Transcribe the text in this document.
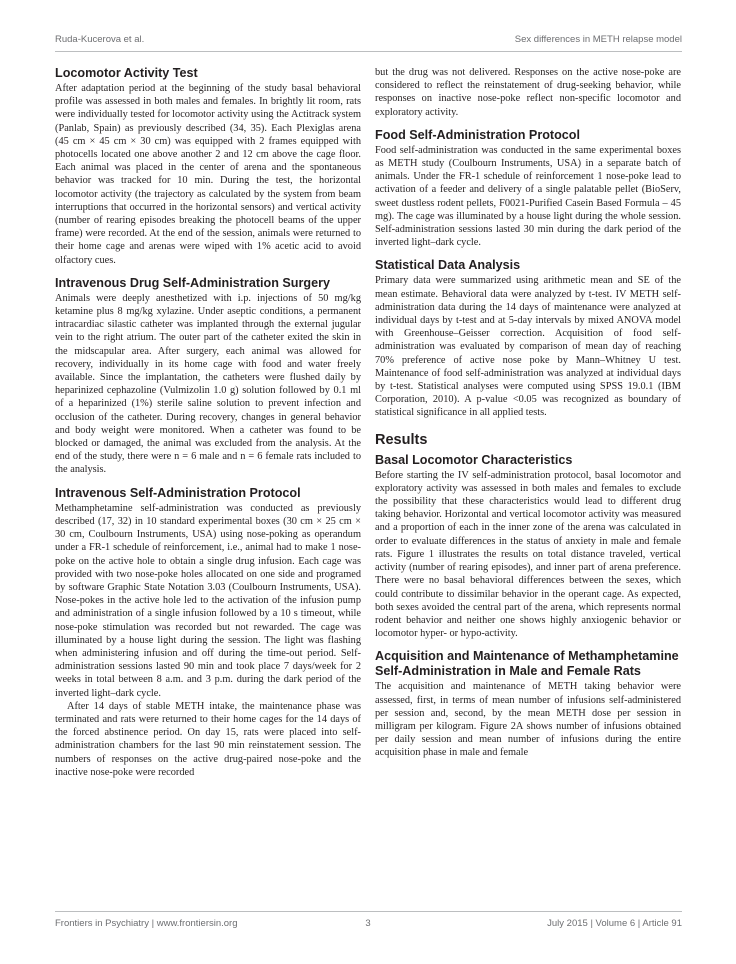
Ruda-Kucerova et al.	Sex differences in METH relapse model
Locomotor Activity Test

After adaptation period at the beginning of the study basal behavioral profile was assessed in both males and females. In brightly lit room, rats were individually tested for locomotor activity using the Actitrack system (Panlab, Spain) as previously described (34, 35). Each Plexiglas arena (45 cm × 45 cm × 30 cm) was equipped with 2 frames equipped with photocells located one above another 2 and 12 cm above the cage floor. Each animal was placed in the center of arena and the spontaneous behavior was tracked for 10 min. During the test, the horizontal locomotor activity (the trajectory as calculated by the system from beam interruptions that occurred in the horizontal sensors) and vertical activity (number of rearing episodes breaking the photocell beams of the upper frame) were recorded. At the end of the session, animals were returned to their home cage and arenas were wiped with 1% acetic acid to avoid olfactory cues.

Intravenous Drug Self-Administration Surgery

Animals were deeply anesthetized with i.p. injections of 50 mg/kg ketamine plus 8 mg/kg xylazine. Under aseptic conditions, a permanent intracardiac silastic catheter was implanted through the external jugular vein to the right atrium. The outer part of the catheter exited the skin in the midscapular area. After surgery, each animal was allowed for recovery, individually in its home cage with food and water freely available. Since the implantation, the catheters were flushed daily by heparinized cephazoline (Vulmizolin 1.0 g) solution followed by 0.1 ml of a heparinized (1%) sterile saline solution to prevent infection and occlusion of the catheter. During recovery, changes in general behavior and body weight were monitored. When a catheter was found to be blocked or damaged, the animal was excluded from the analysis. At the end of the study, there were n = 6 male and n = 6 female rats included to the analysis.

Intravenous Self-Administration Protocol

Methamphetamine self-administration was conducted as previously described (17, 32) in 10 standard experimental boxes (30 cm × 25 cm × 30 cm, Coulbourn Instruments, USA) using nose-poking as operandum under a FR-1 schedule of reinforcement, i.e., animal had to make 1 nose-poke on the active hole to obtain a single drug infusion. Each cage was provided with two nose-poke holes allocated on one side and programed by software Graphic State Notation 3.03 (Coulbourn Instruments, USA). Nose-pokes in the active hole led to the activation of the infusion pump and administration of a single infusion followed by a 10 s timeout, while nose-poke stimulation was recorded but not rewarded. The cage was illuminated by a house light during the session. The light was flashing when administering infusion and off during the time-out period. Self-administration sessions lasted 90 min and took place 7 days/week for 2 weeks in total between 8 a.m. and 3 p.m. during the dark period of the inverted light–dark cycle.

After 14 days of stable METH intake, the maintenance phase was terminated and rats were returned to their home cages for the 14 days of the forced abstinence period. On day 15, rats were placed into self-administration chambers for the last 90 min reinstatement session. The numbers of responses on the active drug-paired nose-poke and the inactive nose-poke were recorded

but the drug was not delivered. Responses on the active nose-poke are considered to reflect the reinstatement of drug-seeking behavior, while responses on inactive nose-poke reflect non-specific locomotor and exploratory activity.

Food Self-Administration Protocol

Food self-administration was conducted in the same experimental boxes as METH study (Coulbourn Instruments, USA) in a separate batch of animals. Under the FR-1 schedule of reinforcement 1 nose-poke lead to activation of a feeder and delivery of a single palatable pellet (BioServ, sweet dustless rodent pellets, F0021-Purified Casein Based Formula – 45 mg). The cage was illuminated by a house light during the whole session. Self-administration sessions lasted 30 min during the dark period of the inverted light–dark cycle.

Statistical Data Analysis

Primary data were summarized using arithmetic mean and SE of the mean estimate. Behavioral data were analyzed by t-test. IV METH self-administration data during the 14 days of maintenance were analyzed at individual days by t-test and at 5-day intervals by mixed ANOVA model with Greenhouse–Geisser correction. Acquisition of food self-administration was evaluated by comparison of mean day of reaching 70% preference of active nose poke by Mann–Whitney U test. Maintenance of food self-administration was analyzed at individual days by t-test. Statistical analyses were computed using SPSS 19.0.1 (IBM Corporation, 2010). A p-value <0.05 was recognized as boundary of statistical significance in all applied tests.

Results
Basal Locomotor Characteristics

Before starting the IV self-administration protocol, basal locomotor and exploratory activity was assessed in both males and females to exclude the possibility that these characteristics would lead to different drug taking behavior. Horizontal and vertical locomotor activity was measured and a proportion of each in the inner zone of the arena was calculated in order to evaluate differences in the status of anxiety in male and female rats. Figure 1 illustrates the results on total distance traveled, vertical activity (number of rearing episodes), and inner part of arena preference. There were no basal behavioral differences between the sexes, which could contribute to dissimilar behavior in the operant cage. As expected, both sexes avoided the central part of the arena, which represents normal rodent behavior and neither one shows highly anxiogenic behavior or locomotor hyper- or hypo-activity.

Acquisition and Maintenance of Methamphetamine Self-Administration in Male and Female Rats

The acquisition and maintenance of METH taking behavior were assessed, first, in terms of mean number of infusions self-administered per session and, second, by the mean METH dose per session in milligram per kilogram. Figure 2A shows number of infusions obtained per daily session and mean number of infusions during the entire acquisition phase in male and female

Frontiers in Psychiatry | www.frontiersin.org	3	July 2015 | Volume 6 | Article 91
